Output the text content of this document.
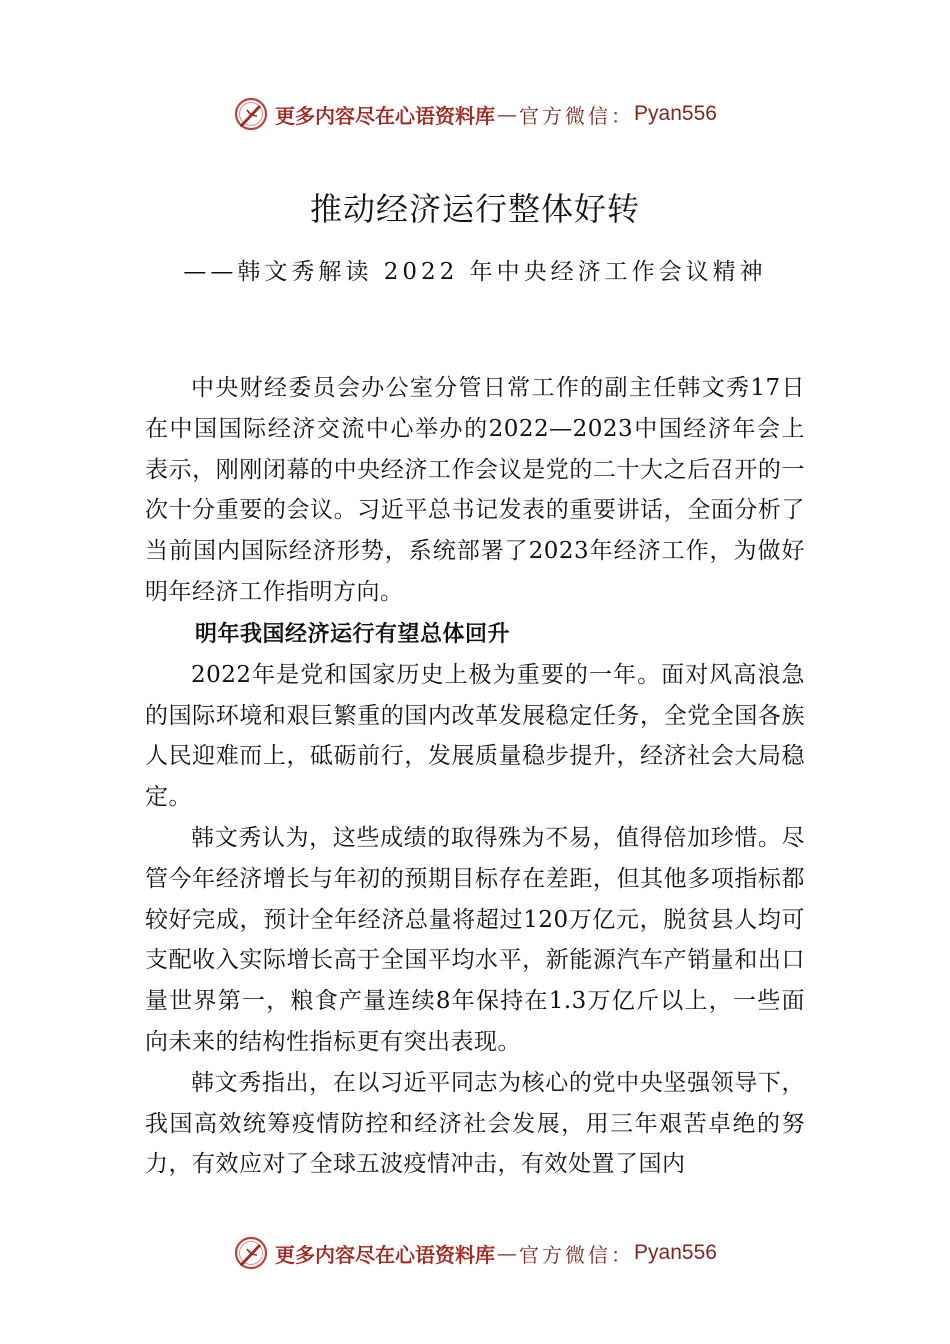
更多内容尽在心语资料库 — 官方微信： Pyan556
推动经济运行整体好转
——韩文秀解读 2022 年中央经济工作会议精神

中央财经委员会办公室分管日常工作的副主任韩文秀17日在中国国际经济交流中心举办的2022—2023中国经济年会上表示，刚刚闭幕的中央经济工作会议是党的二十大之后召开的一次十分重要的会议。习近平总书记发表的重要讲话，全面分析了当前国内国际经济形势，系统部署了2023年经济工作，为做好明年经济工作指明方向。

明年我国经济运行有望总体回升

2022年是党和国家历史上极为重要的一年。面对风高浪急的国际环境和艰巨繁重的国内改革发展稳定任务，全党全国各族人民迎难而上，砥砺前行，发展质量稳步提升，经济社会大局稳定。

韩文秀认为，这些成绩的取得殊为不易，值得倍加珍惜。尽管今年经济增长与年初的预期目标存在差距，但其他多项指标都较好完成，预计全年经济总量将超过120万亿元，脱贫县人均可支配收入实际增长高于全国平均水平，新能源汽车产销量和出口量世界第一，粮食产量连续8年保持在1.3万亿斤以上，一些面向未来的结构性指标更有突出表现。

韩文秀指出，在以习近平同志为核心的党中央坚强领导下，我国高效统筹疫情防控和经济社会发展，用三年艰苦卓绝的努力，有效应对了全球五波疫情冲击，有效处置了国内

更多内容尽在心语资料库 — 官方微信： Pyan556
